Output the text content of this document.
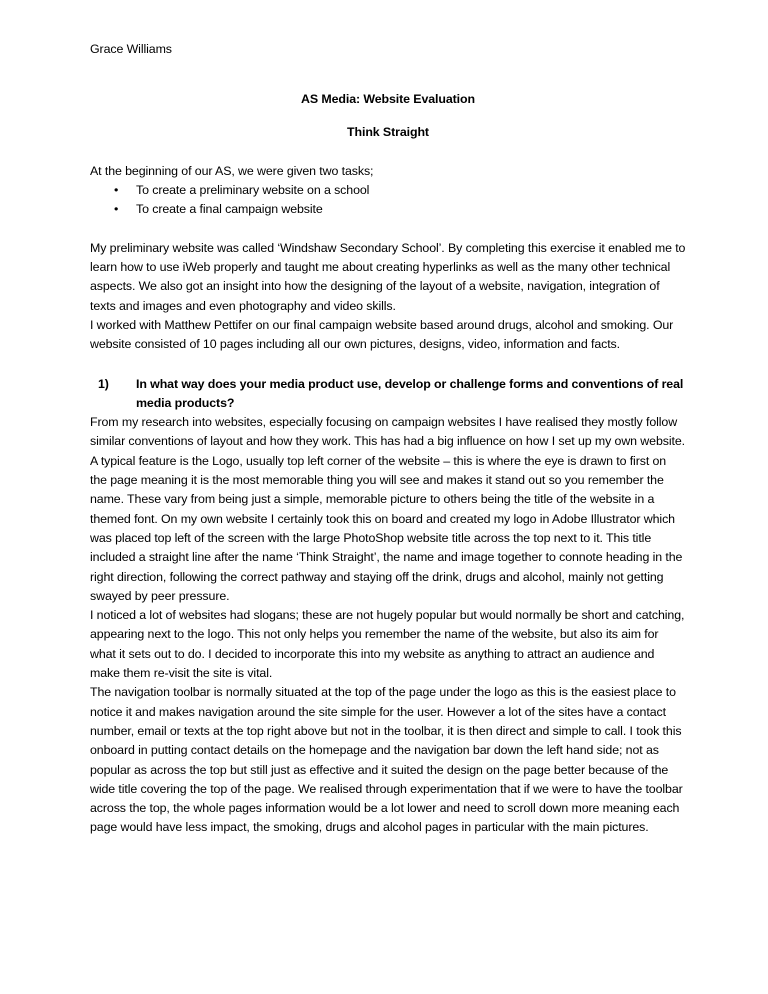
Grace Williams
AS Media: Website Evaluation
Think Straight

At the beginning of our AS, we were given two tasks;

• To create a preliminary website on a school
• To create a final campaign website

My preliminary website was called ‘Windshaw Secondary School’. By completing this exercise it enabled me to learn how to use iWeb properly and taught me about creating hyperlinks as well as the many other technical aspects. We also got an insight into how the designing of the layout of a website, navigation, integration of texts and images and even photography and video skills.

I worked with Matthew Pettifer on our final campaign website based around drugs, alcohol and smoking. Our website consisted of 10 pages including all our own pictures, designs, video, information and facts.

1)	In what way does your media product use, develop or challenge forms and conventions of real media products?

From my research into websites, especially focusing on campaign websites I have realised they mostly follow similar conventions of layout and how they work. This has had a big influence on how I set up my own website.

A typical feature is the Logo, usually top left corner of the website – this is where the eye is drawn to first on the page meaning it is the most memorable thing you will see and makes it stand out so you remember the name. These vary from being just a simple, memorable picture to others being the title of the website in a themed font. On my own website I certainly took this on board and created my logo in Adobe Illustrator which was placed top left of the screen with the large PhotoShop website title across the top next to it. This title included a straight line after the name ‘Think Straight’, the name and image together to connote heading in the right direction, following the correct pathway and staying off the drink, drugs and alcohol, mainly not getting swayed by peer pressure.

I noticed a lot of websites had slogans; these are not hugely popular but would normally be short and catching, appearing next to the logo. This not only helps you remember the name of the website, but also its aim for what it sets out to do. I decided to incorporate this into my website as anything to attract an audience and make them re-visit the site is vital.

The navigation toolbar is normally situated at the top of the page under the logo as this is the easiest place to notice it and makes navigation around the site simple for the user. However a lot of the sites have a contact number, email or texts at the top right above but not in the toolbar, it is then direct and simple to call. I took this onboard in putting contact details on the homepage and the navigation bar down the left hand side; not as popular as across the top but still just as effective and it suited the design on the page better because of the wide title covering the top of the page. We realised through experimentation that if we were to have the toolbar across the top, the whole pages information would be a lot lower and need to scroll down more meaning each page would have less impact, the smoking, drugs and alcohol pages in particular with the main pictures.
